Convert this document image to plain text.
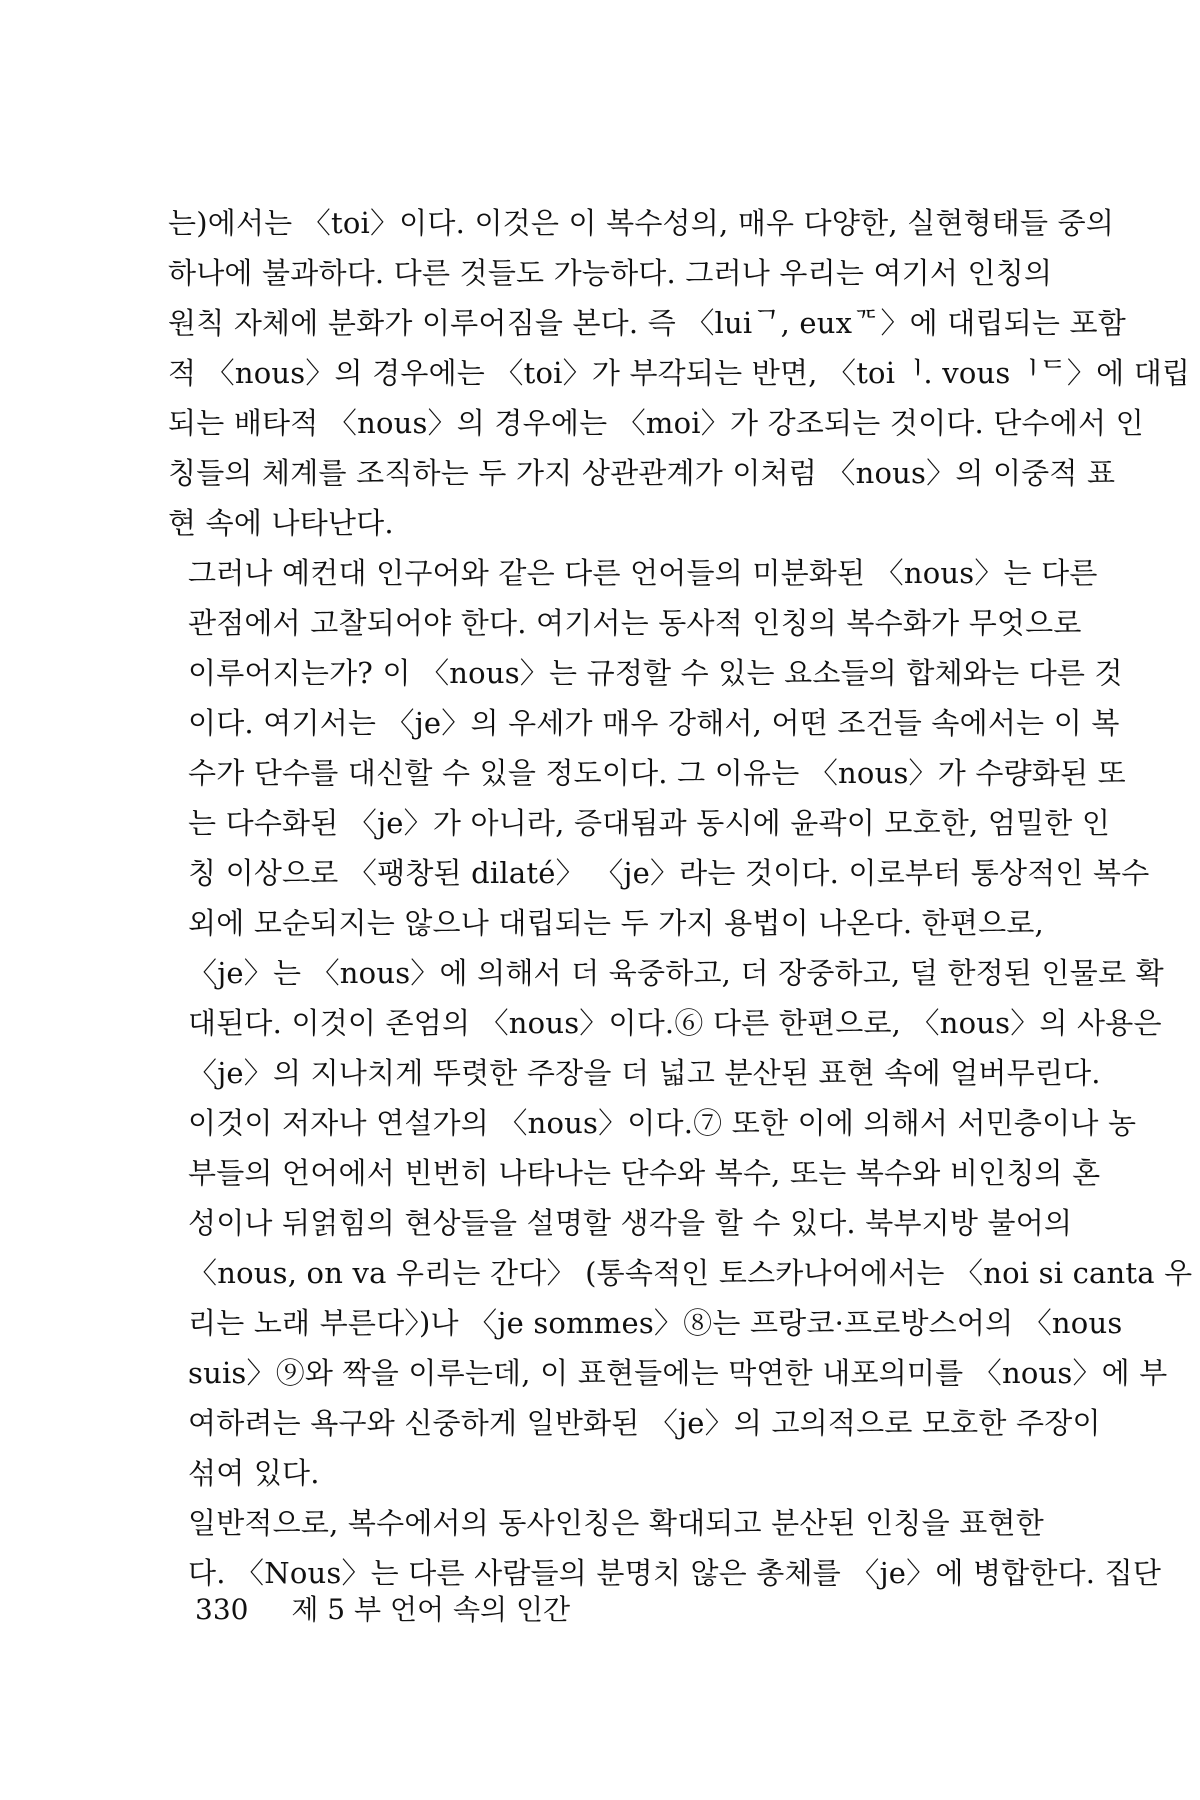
는)에서는 〈toi〉이다. 이것은 이 복수성의, 매우 다양한, 실현형태들 중의
하나에 불과하다. 다른 것들도 가능하다. 그러나 우리는 여기서 인칭의
원칙 자체에 분화가 이루어짐을 본다. 즉 〈luiᄀ, euxᄀᄃ〉에 대립되는 포함
적 〈nous〉의 경우에는 〈toi〉가 부각되는 반면, 〈toiᅵ. vousᅵᄃ〉에 대립
되는 배타적 〈nous〉의 경우에는 〈moi〉가 강조되는 것이다. 단수에서 인
칭들의 체계를 조직하는 두 가지 상관관계가 이처럼 〈nous〉의 이중적 표
현 속에 나타난다.

그러나 예컨대 인구어와 같은 다른 언어들의 미분화된 〈nous〉는 다른
관점에서 고찰되어야 한다. 여기서는 동사적 인칭의 복수화가 무엇으로
이루어지는가? 이 〈nous〉는 규정할 수 있는 요소들의 합체와는 다른 것
이다. 여기서는 〈je〉의 우세가 매우 강해서, 어떤 조건들 속에서는 이 복
수가 단수를 대신할 수 있을 정도이다. 그 이유는 〈nous〉가 수량화된 또
는 다수화된 〈je〉가 아니라, 증대됨과 동시에 윤곽이 모호한, 엄밀한 인
칭 이상으로 〈팽창된 dilaté〉 〈je〉라는 것이다. 이로부터 통상적인 복수
외에 모순되지는 않으나 대립되는 두 가지 용법이 나온다. 한편으로,
〈je〉는 〈nous〉에 의해서 더 육중하고, 더 장중하고, 덜 한정된 인물로 확
대된다. 이것이 존엄의 〈nous〉이다.⑥ 다른 한편으로, 〈nous〉의 사용은
〈je〉의 지나치게 뚜렷한 주장을 더 넓고 분산된 표현 속에 얼버무린다.
이것이 저자나 연설가의 〈nous〉이다.⑦ 또한 이에 의해서 서민층이나 농
부들의 언어에서 빈번히 나타나는 단수와 복수, 또는 복수와 비인칭의 혼
성이나 뒤얽힘의 현상들을 설명할 생각을 할 수 있다. 북부지방 불어의
〈nous, on va 우리는 간다〉 (통속적인 토스카나어에서는 〈noi si canta 우
리는 노래 부른다〉)나 〈je sommes〉⑧는 프랑코·프로방스어의 〈nous
suis〉⑨와 짝을 이루는데, 이 표현들에는 막연한 내포의미를 〈nous〉에 부
여하려는 욕구와 신중하게 일반화된 〈je〉의 고의적으로 모호한 주장이
섞여 있다.

일반적으로, 복수에서의 동사인칭은 확대되고 분산된 인칭을 표현한
다. 〈Nous〉는 다른 사람들의 분명치 않은 총체를 〈je〉에 병합한다. 집단

330 제 5 부 언어 속의 인간
